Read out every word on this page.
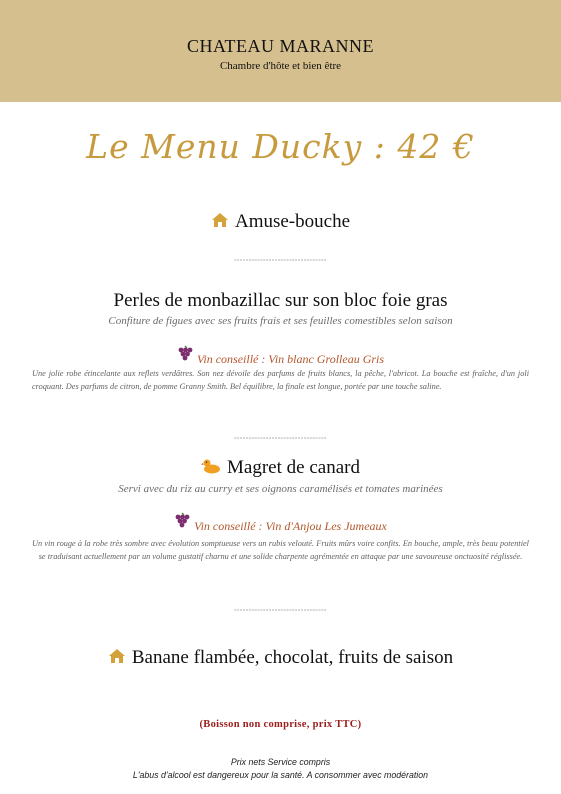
CHATEAU MARANNE
Chambre d'hôte et bien être
Le Menu Ducky : 42 €
Amuse-bouche
°°°°°°°°°°°°°°°°°°°°°°°°°°°°°°°°
Perles de monbazillac sur son bloc foie gras
Confiture de figues avec ses fruits frais et ses feuilles comestibles selon saison
Vin conseillé : Vin blanc Grolleau Gris
Une jolie robe étincelante aux reflets verdâtres. Son nez dévoile des parfums de fruits blancs, la pêche, l'abricot. La bouche est fraîche, d'un joli croquant. Des parfums de citron, de pomme Granny Smith. Bel équilibre, la finale est longue, portée par une touche saline.
°°°°°°°°°°°°°°°°°°°°°°°°°°°°°°°°
Magret de canard
Servi avec du riz au curry et ses oignons caramélisés et tomates marinées
Vin conseillé : Vin d'Anjou Les Jumeaux
Un vin rouge à la robe très sombre avec évolution somptueuse vers un rubis velouté. Fruits mûrs voire confits. En bouche, ample, très beau potentiel se traduisant actuellement par un volume gustatif charnu et une solide charpente agrémentée en attaque par une savoureuse onctuosité réglissée.
°°°°°°°°°°°°°°°°°°°°°°°°°°°°°°°°
Banane flambée, chocolat, fruits de saison
(Boisson non comprise, prix TTC)
Prix nets Service compris
L'abus d'alcool est dangereux pour la santé. A consommer avec modération
